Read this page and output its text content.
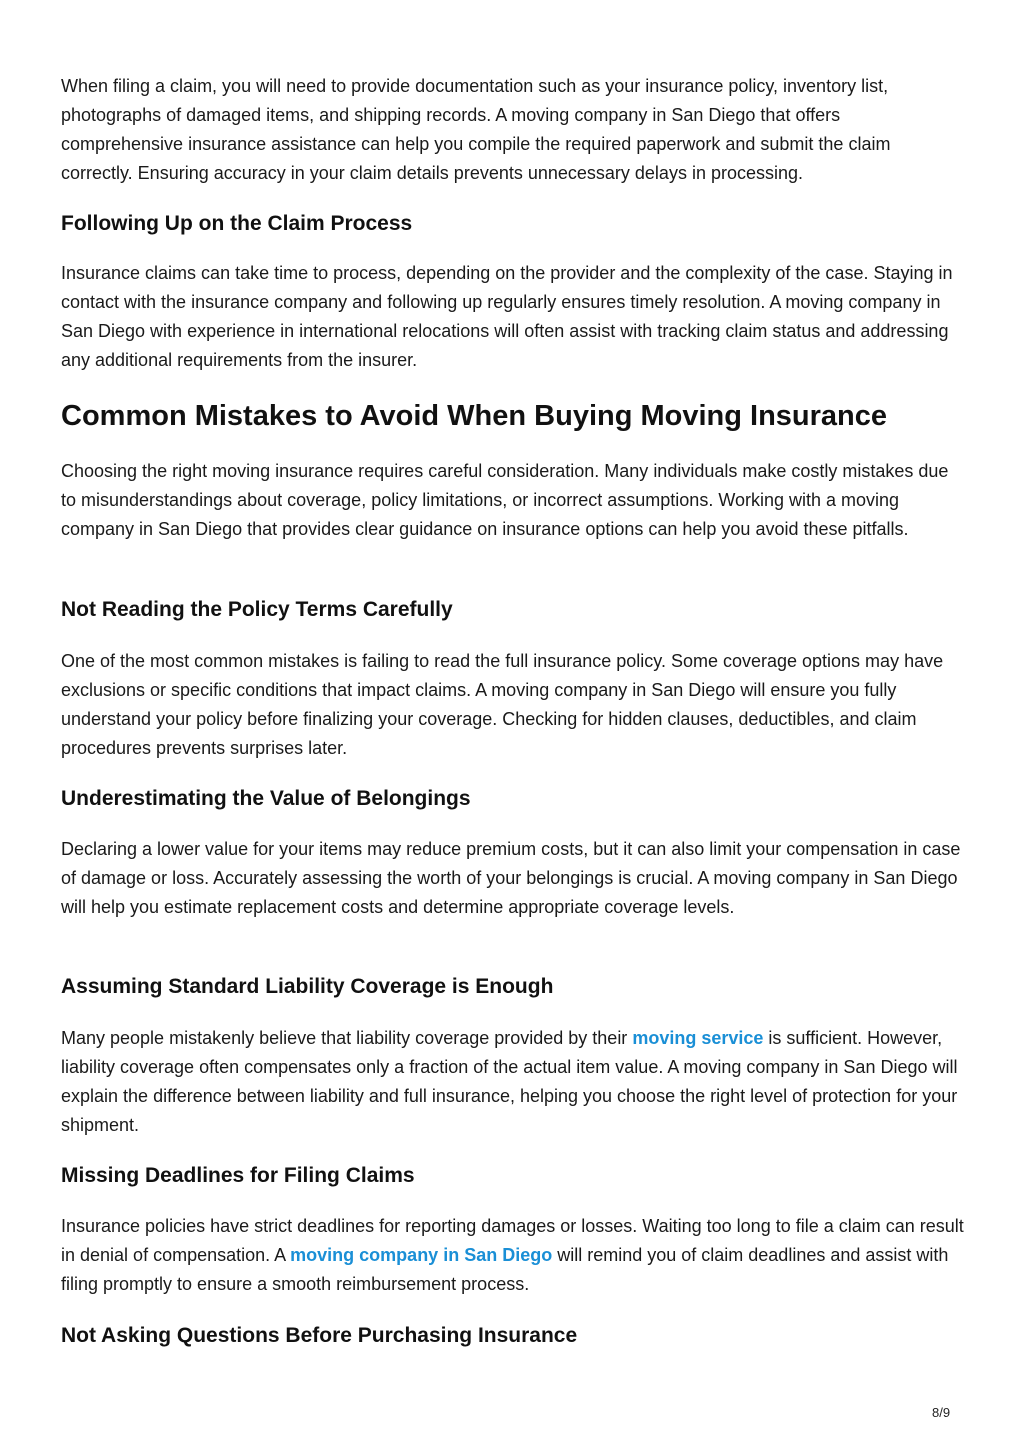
When filing a claim, you will need to provide documentation such as your insurance policy, inventory list, photographs of damaged items, and shipping records. A moving company in San Diego that offers comprehensive insurance assistance can help you compile the required paperwork and submit the claim correctly. Ensuring accuracy in your claim details prevents unnecessary delays in processing.

Following Up on the Claim Process

Insurance claims can take time to process, depending on the provider and the complexity of the case. Staying in contact with the insurance company and following up regularly ensures timely resolution. A moving company in San Diego with experience in international relocations will often assist with tracking claim status and addressing any additional requirements from the insurer.

Common Mistakes to Avoid When Buying Moving Insurance

Choosing the right moving insurance requires careful consideration. Many individuals make costly mistakes due to misunderstandings about coverage, policy limitations, or incorrect assumptions. Working with a moving company in San Diego that provides clear guidance on insurance options can help you avoid these pitfalls.

Not Reading the Policy Terms Carefully

One of the most common mistakes is failing to read the full insurance policy. Some coverage options may have exclusions or specific conditions that impact claims. A moving company in San Diego will ensure you fully understand your policy before finalizing your coverage. Checking for hidden clauses, deductibles, and claim procedures prevents surprises later.

Underestimating the Value of Belongings

Declaring a lower value for your items may reduce premium costs, but it can also limit your compensation in case of damage or loss. Accurately assessing the worth of your belongings is crucial. A moving company in San Diego will help you estimate replacement costs and determine appropriate coverage levels.

Assuming Standard Liability Coverage is Enough

Many people mistakenly believe that liability coverage provided by their moving service is sufficient. However, liability coverage often compensates only a fraction of the actual item value. A moving company in San Diego will explain the difference between liability and full insurance, helping you choose the right level of protection for your shipment.

Missing Deadlines for Filing Claims

Insurance policies have strict deadlines for reporting damages or losses. Waiting too long to file a claim can result in denial of compensation. A moving company in San Diego will remind you of claim deadlines and assist with filing promptly to ensure a smooth reimbursement process.

Not Asking Questions Before Purchasing Insurance
8/9
